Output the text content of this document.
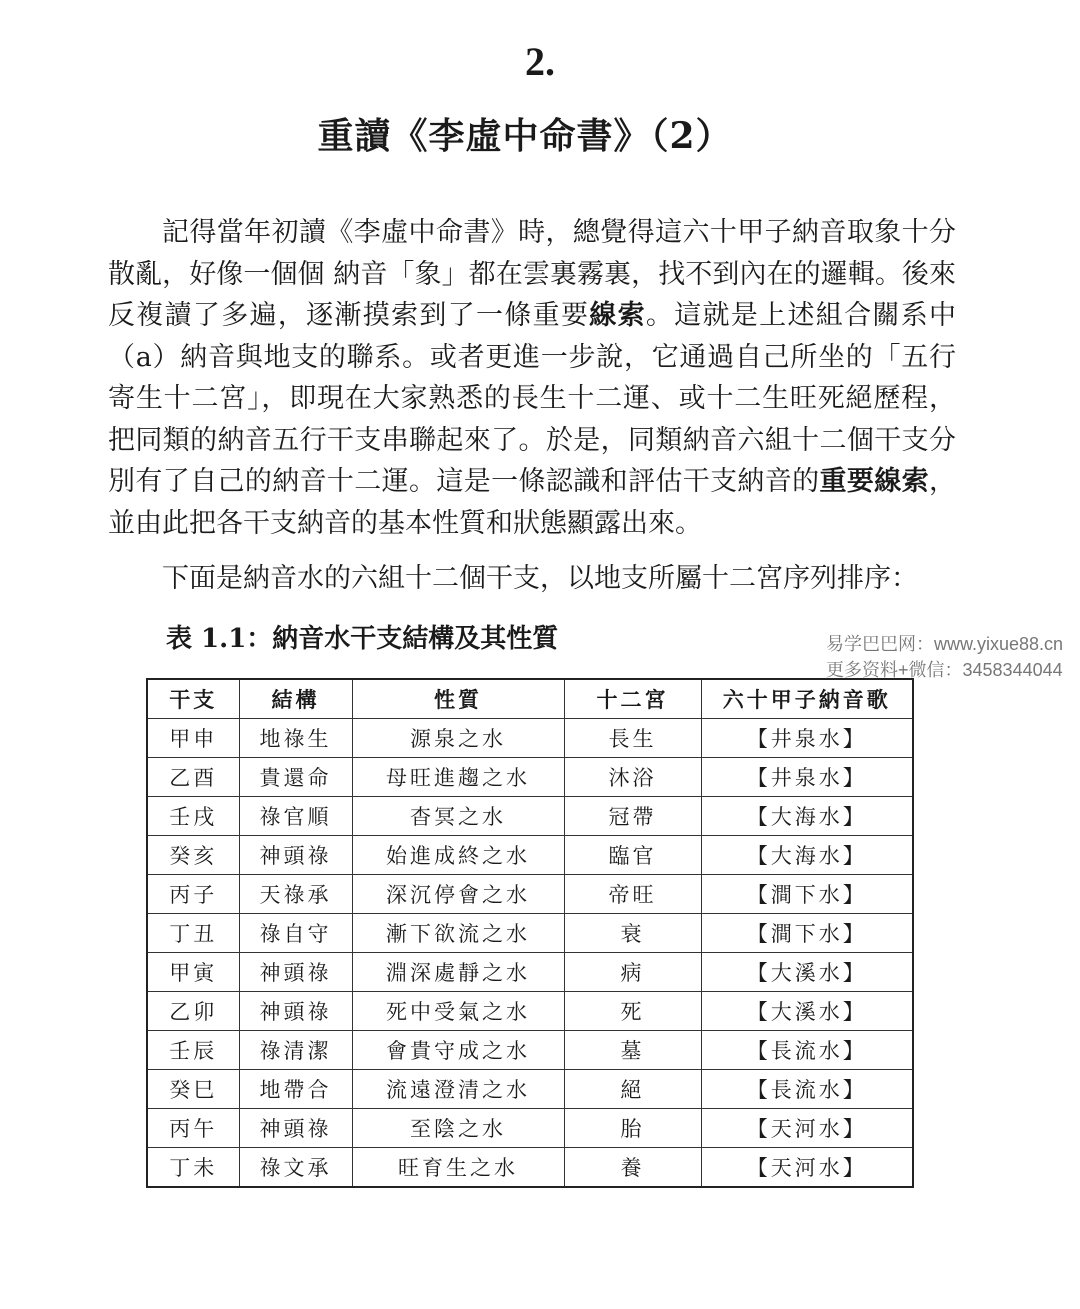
2.
重讀《李虛中命書》（2）
記得當年初讀《李虛中命書》時，總覺得這六十甲子納音取象十分散亂，好像一個個 納音「象」都在雲裏霧裏，找不到內在的邏輯。後來反複讀了多遍，逐漸摸索到了一條重要線索。這就是上述組合關系中（a）納音與地支的聯系。或者更進一步說，它通過自己所坐的「五行寄生十二宮」，即現在大家熟悉的長生十二運、或十二生旺死絕歷程，把同類的納音五行干支串聯起來了。於是，同類納音六組十二個干支分別有了自己的納音十二運。這是一條認識和評估干支納音的重要線索，並由此把各干支納音的基本性質和狀態顯露出來。
下面是納音水的六組十二個干支，以地支所屬十二宮序列排序：
表 1.1：納音水干支結構及其性質	易学巴巴网：www.yixue88.cn
更多资料+微信：3458344044
干支	結構	性質	十二宮	六十甲子納音歌
甲申	地祿生	源泉之水	長生	【井泉水】
乙酉	貴還命	母旺進趨之水	沐浴	【井泉水】
壬戌	祿官順	杳冥之水	冠帶	【大海水】
癸亥	神頭祿	始進成終之水	臨官	【大海水】
丙子	天祿承	深沉停會之水	帝旺	【澗下水】
丁丑	祿自守	漸下欲流之水	衰	【澗下水】
甲寅	神頭祿	淵深處靜之水	病	【大溪水】
乙卯	神頭祿	死中受氣之水	死	【大溪水】
壬辰	祿清潔	會貴守成之水	墓	【長流水】
癸巳	地帶合	流遠澄清之水	絕	【長流水】
丙午	神頭祿	至陰之水	胎	【天河水】
丁未	祿文承	旺育生之水	養	【天河水】
